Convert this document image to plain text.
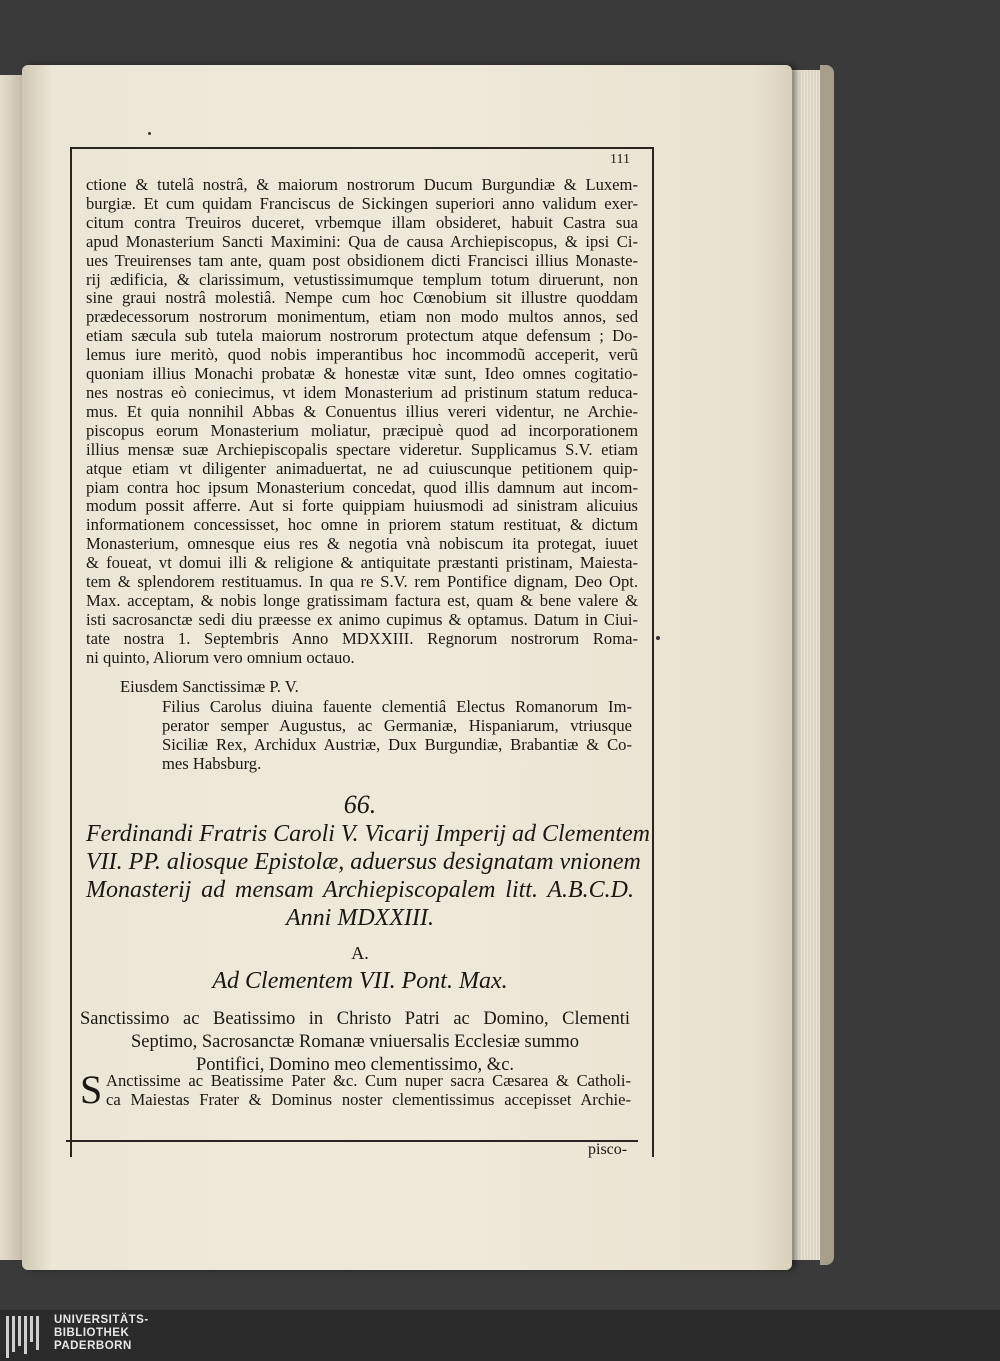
111
ctione & tutelâ nostrâ, & maiorum nostrorum Ducum Burgundiæ & Luxem-
burgiæ. Et cum quidam Franciscus de Sickingen superiori anno validum exer-
citum contra Treuiros duceret, vrbemque illam obsideret, habuit Castra sua
apud Monasterium Sancti Maximini: Qua de causa Archiepiscopus, & ipsi Ci-
ues Treuirenses tam ante, quam post obsidionem dicti Francisci illius Monaste-
rij ædificia, & clarissimum, vetustissimumque templum totum diruerunt, non
sine graui nostrâ molestiâ. Nempe cum hoc Cœnobium sit illustre quoddam
prædecessorum nostrorum monimentum, etiam non modo multos annos, sed
etiam sæcula sub tutela maiorum nostrorum protectum atque defensum ; Do-
lemus iure meritò, quod nobis imperantibus hoc incommodũ acceperit, verũ
quoniam illius Monachi probatæ & honestæ vitæ sunt, Ideo omnes cogitatio-
nes nostras eò coniecimus, vt idem Monasterium ad pristinum statum reduca-
mus. Et quia nonnihil Abbas & Conuentus illius vereri videntur, ne Archie-
piscopus eorum Monasterium moliatur, præcipuè quod ad incorporationem
illius mensæ suæ Archiepiscopalis spectare videretur. Supplicamus S.V. etiam
atque etiam vt diligenter animaduertat, ne ad cuiuscunque petitionem quip-
piam contra hoc ipsum Monasterium concedat, quod illis damnum aut incom-
modum possit afferre. Aut si forte quippiam huiusmodi ad sinistram alicuius
informationem concessisset, hoc omne in priorem statum restituat, & dictum
Monasterium, omnesque eius res & negotia vnà nobiscum ita protegat, iuuet
& foueat, vt domui illi & religione & antiquitate præstanti pristinam, Maiesta-
tem & splendorem restituamus. In qua re S.V. rem Pontifice dignam, Deo Opt.
Max. acceptam, & nobis longe gratissimam factura est, quam & bene valere &
isti sacrosanctæ sedi diu præesse ex animo cupimus & optamus. Datum in Ciui-
tate nostra 1. Septembris Anno MDXXIII. Regnorum nostrorum Roma-
ni quinto, Aliorum vero omnium octauo.
Eiusdem Sanctissimæ P. V.
Filius Carolus diuina fauente clementiâ Electus Romanorum Im-
perator semper Augustus, ac Germaniæ, Hispaniarum, vtriusque
Siciliæ Rex, Archidux Austriæ, Dux Burgundiæ, Brabantiæ & Co-
mes Habsburg.
66.
Ferdinandi Fratris Caroli V. Vicarij Imperij ad Clementem
VII. PP. aliosque Epistolæ, aduersus designatam vnionem
Monasterij ad mensam Archiepiscopalem litt. A.B.C.D.
Anni MDXXIII.
A.
Ad Clementem VII. Pont. Max.
Sanctissimo ac Beatissimo in Christo Patri ac Domino, Clementi
Septimo, Sacrosanctæ Romanæ vniuersalis Ecclesiæ summo
Pontifici, Domino meo clementissimo, &c.
S Anctissime ac Beatissime Pater &c. Cum nuper sacra Cæsarea & Catholi-
ca Maiestas Frater & Dominus noster clementissimus accepisset Archie-
pisco-
UNIVERSITÄTS-
BIBLIOTHEK
PADERBORN
